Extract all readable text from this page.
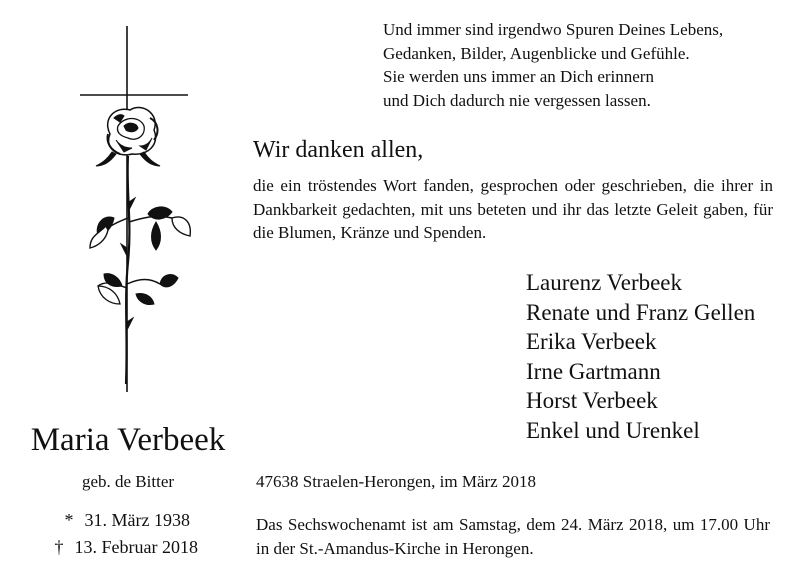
Und immer sind irgendwo Spuren Deines Lebens,
Gedanken, Bilder, Augenblicke und Gefühle.
Sie werden uns immer an Dich erinnern
und Dich dadurch nie vergessen lassen.
Wir danken allen,
die ein tröstendes Wort fanden, gesprochen oder geschrieben, die ihrer in Dankbarkeit gedachten, mit uns beteten und ihr das letzte Geleit gaben, für die Blumen, Kränze und Spenden.
Laurenz Verbeek
Renate und Franz Gellen
Erika Verbeek
Irne Gartmann
Horst Verbeek
Enkel und Urenkel
Maria Verbeek
geb. de Bitter
* 31. März 1938
† 13. Februar 2018
47638 Straelen-Herongen, im März 2018
Das Sechswochenamt ist am Samstag, dem 24. März 2018, um 17.00 Uhr in der St.-Amandus-Kirche in Herongen.
